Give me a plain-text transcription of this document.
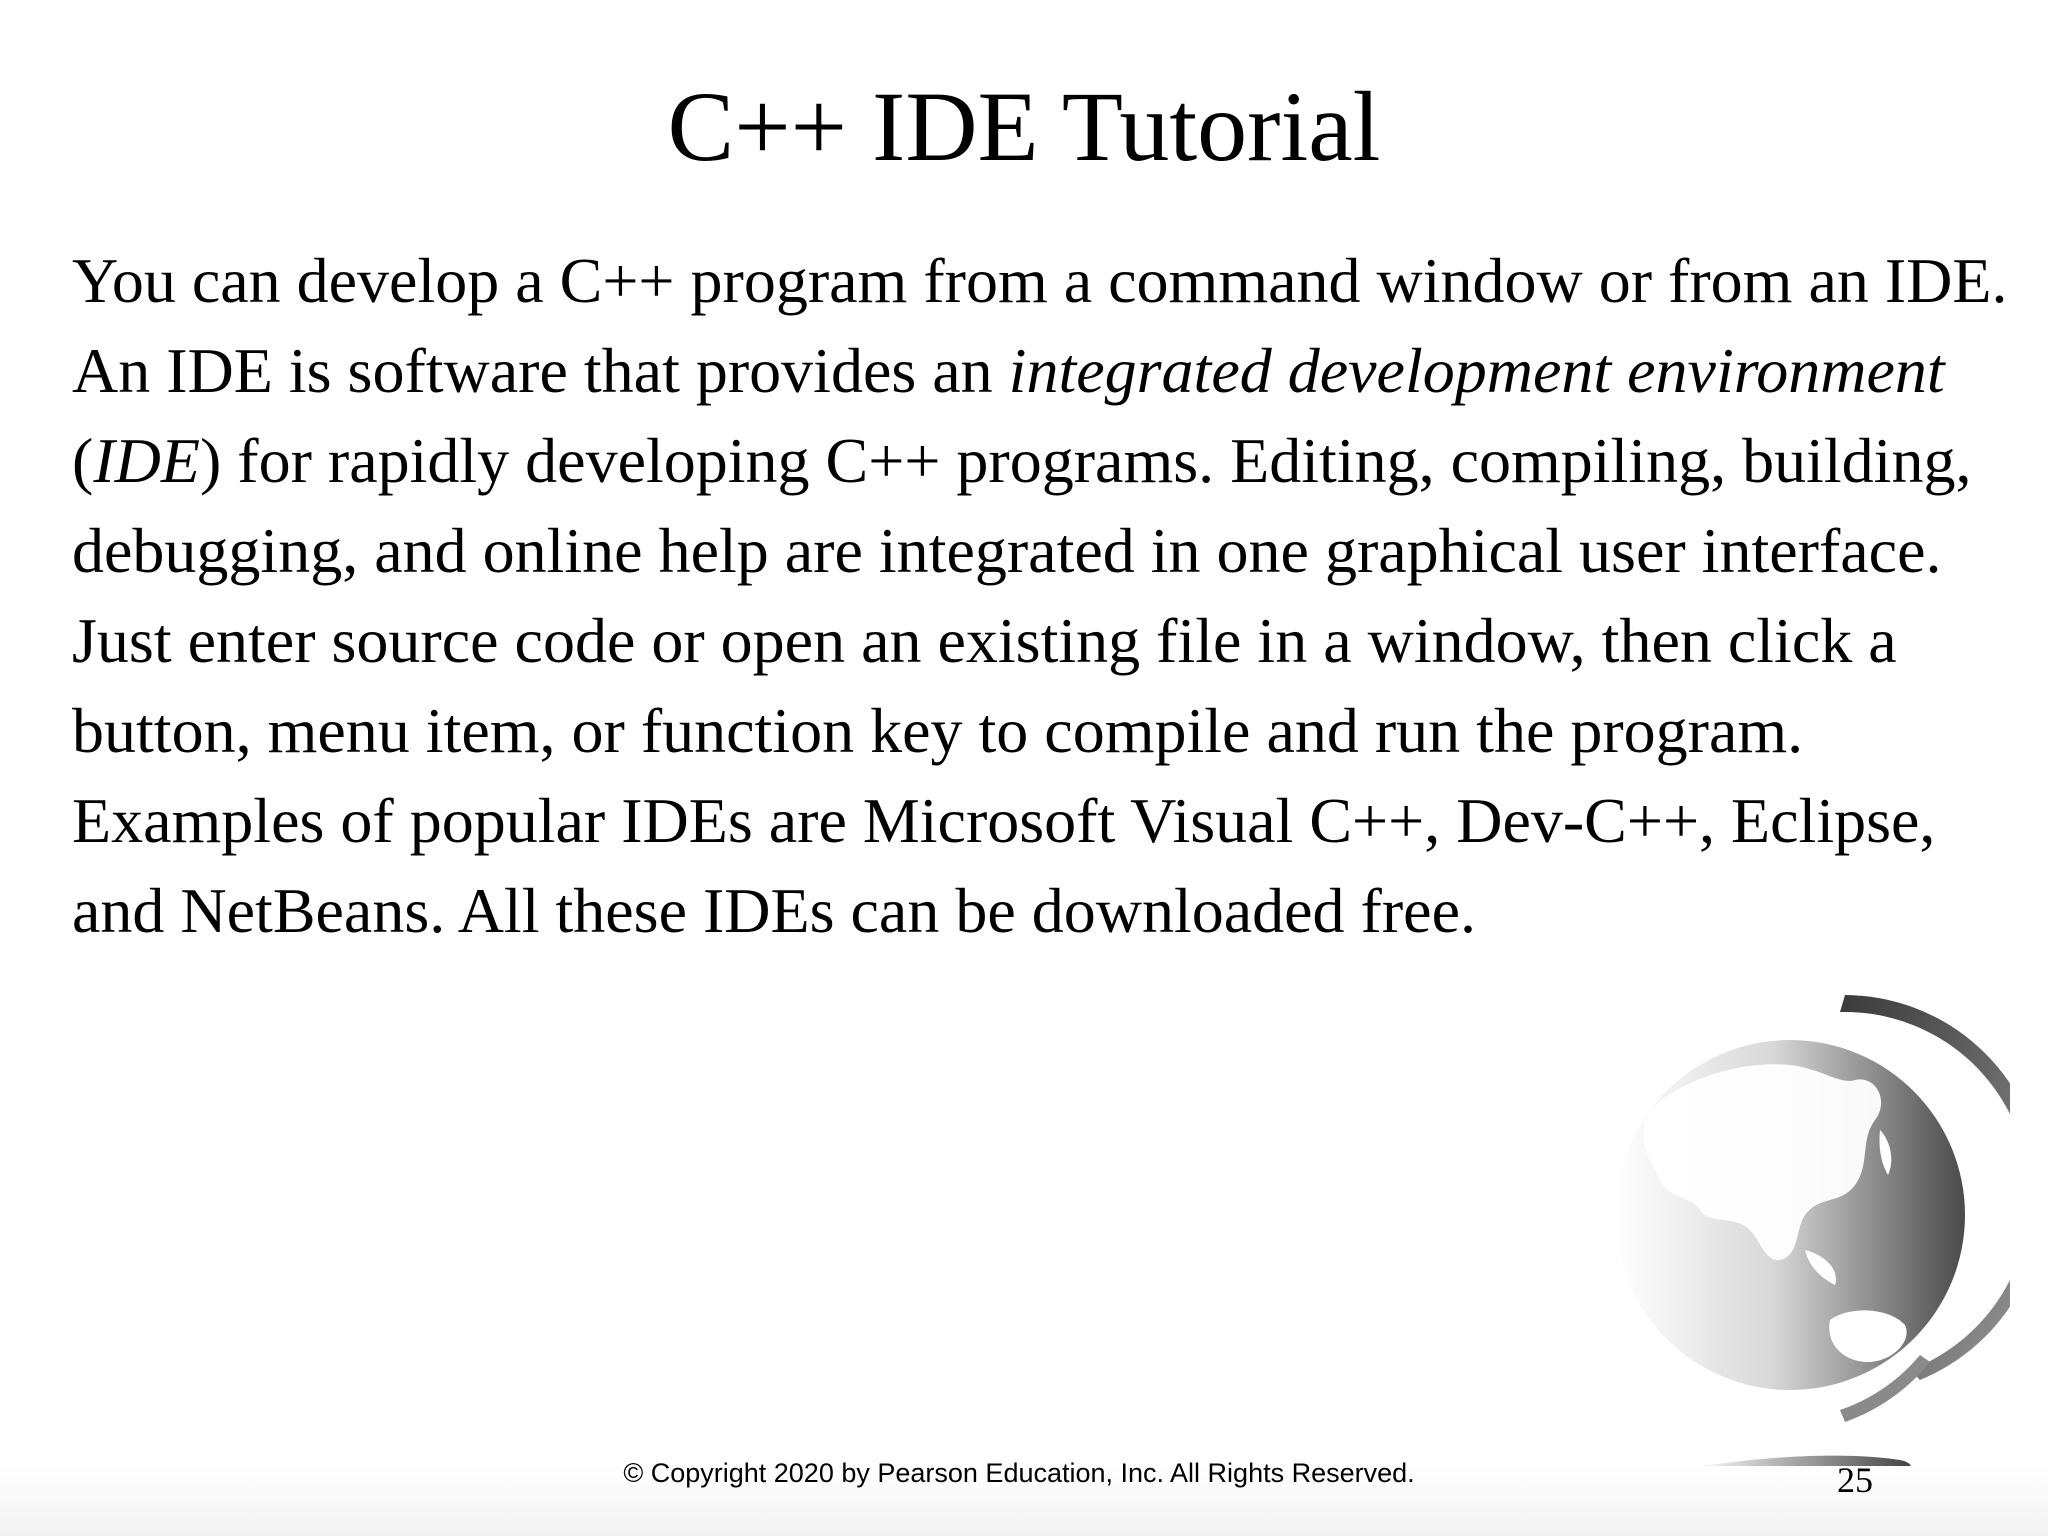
C++ IDE Tutorial

You can develop a C++ program from a command window or from an IDE. An IDE is software that provides an integrated development environment (IDE) for rapidly developing C++ programs. Editing, compiling, building, debugging, and online help are integrated in one graphical user interface. Just enter source code or open an existing file in a window, then click a button, menu item, or function key to compile and run the program. Examples of popular IDEs are Microsoft Visual C++, Dev-C++, Eclipse, and NetBeans. All these IDEs can be downloaded free.

© Copyright 2020 by Pearson Education, Inc. All Rights Reserved.	25
